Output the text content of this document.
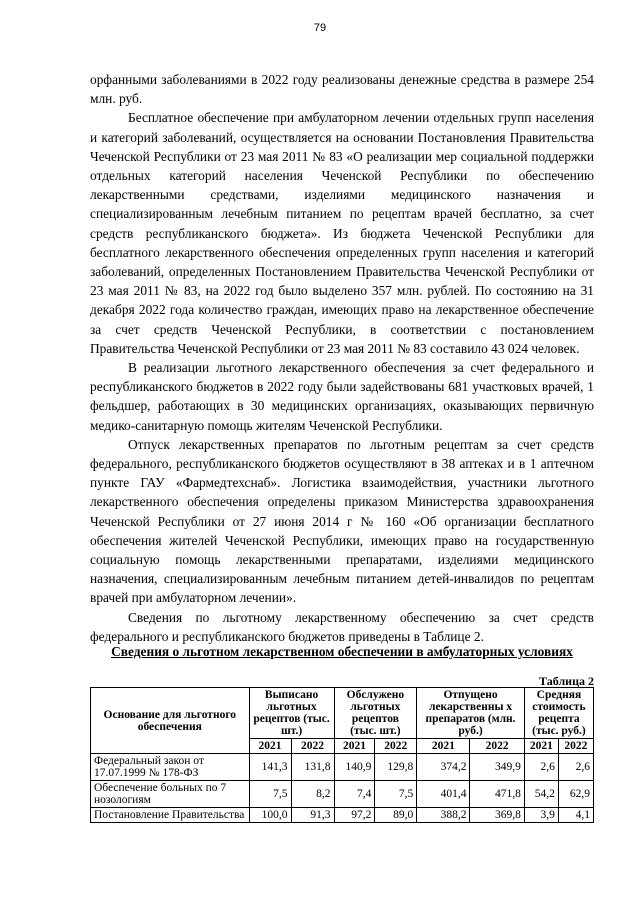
79

орфанными заболеваниями в 2022 году реализованы денежные средства в размере 254 млн. руб.

Бесплатное обеспечение при амбулаторном лечении отдельных групп населения и категорий заболеваний, осуществляется на основании Постановления Правительства Чеченской Республики от 23 мая 2011 № 83 «О реализации мер социальной поддержки отдельных категорий населения Чеченской Республики по обеспечению лекарственными средствами, изделиями медицинского назначения и специализированным лечебным питанием по рецептам врачей бесплатно, за счет средств республиканского бюджета». Из бюджета Чеченской Республики для бесплатного лекарственного обеспечения определенных групп населения и категорий заболеваний, определенных Постановлением Правительства Чеченской Республики от 23 мая 2011 № 83, на 2022 год было выделено 357 млн. рублей. По состоянию на 31 декабря 2022 года количество граждан, имеющих право на лекарственное обеспечение за счет средств Чеченской Республики, в соответствии с постановлением Правительства Чеченской Республики от 23 мая 2011 № 83 составило 43 024 человек.

В реализации льготного лекарственного обеспечения за счет федерального и республиканского бюджетов в 2022 году были задействованы 681 участковых врачей, 1 фельдшер, работающих в 30 медицинских организациях, оказывающих первичную медико-санитарную помощь жителям Чеченской Республики.

Отпуск лекарственных препаратов по льготным рецептам за счет средств федерального, республиканского бюджетов осуществляют в 38 аптеках и в 1 аптечном пункте ГАУ «Фармедтехснаб». Логистика взаимодействия, участники льготного лекарственного обеспечения определены приказом Министерства здравоохранения Чеченской Республики от 27 июня 2014 г № 160 «Об организации бесплатного обеспечения жителей Чеченской Республики, имеющих право на государственную социальную помощь лекарственными препаратами, изделиями медицинского назначения, специализированным лечебным питанием детей-инвалидов по рецептам врачей при амбулаторном лечении».

Сведения по льготному лекарственному обеспечению за счет средств федерального и республиканского бюджетов приведены в Таблице 2.

Сведения о льготном лекарственном обеспечении в амбулаторных условиях
Таблица 2
Основание для льготного обеспечения	Выписано льготных рецептов (тыс. шт.)		Обслужено льготных рецептов (тыс. шт.)		Отпущено лекарственны х препаратов (млн. руб.)		Средняя стоимость рецепта (тыс. руб.)	
	2021	2022	2021	2022	2021	2022	2021	2022
Федеральный закон от 17.07.1999 № 178-ФЗ	141,3	131,8	140,9	129,8	374,2	349,9	2,6	2,6
Обеспечение больных по 7 нозологиям	7,5	8,2	7,4	7,5	401,4	471,8	54,2	62,9
Постановление Правительства	100,0	91,3	97,2	89,0	388,2	369,8	3,9	4,1
